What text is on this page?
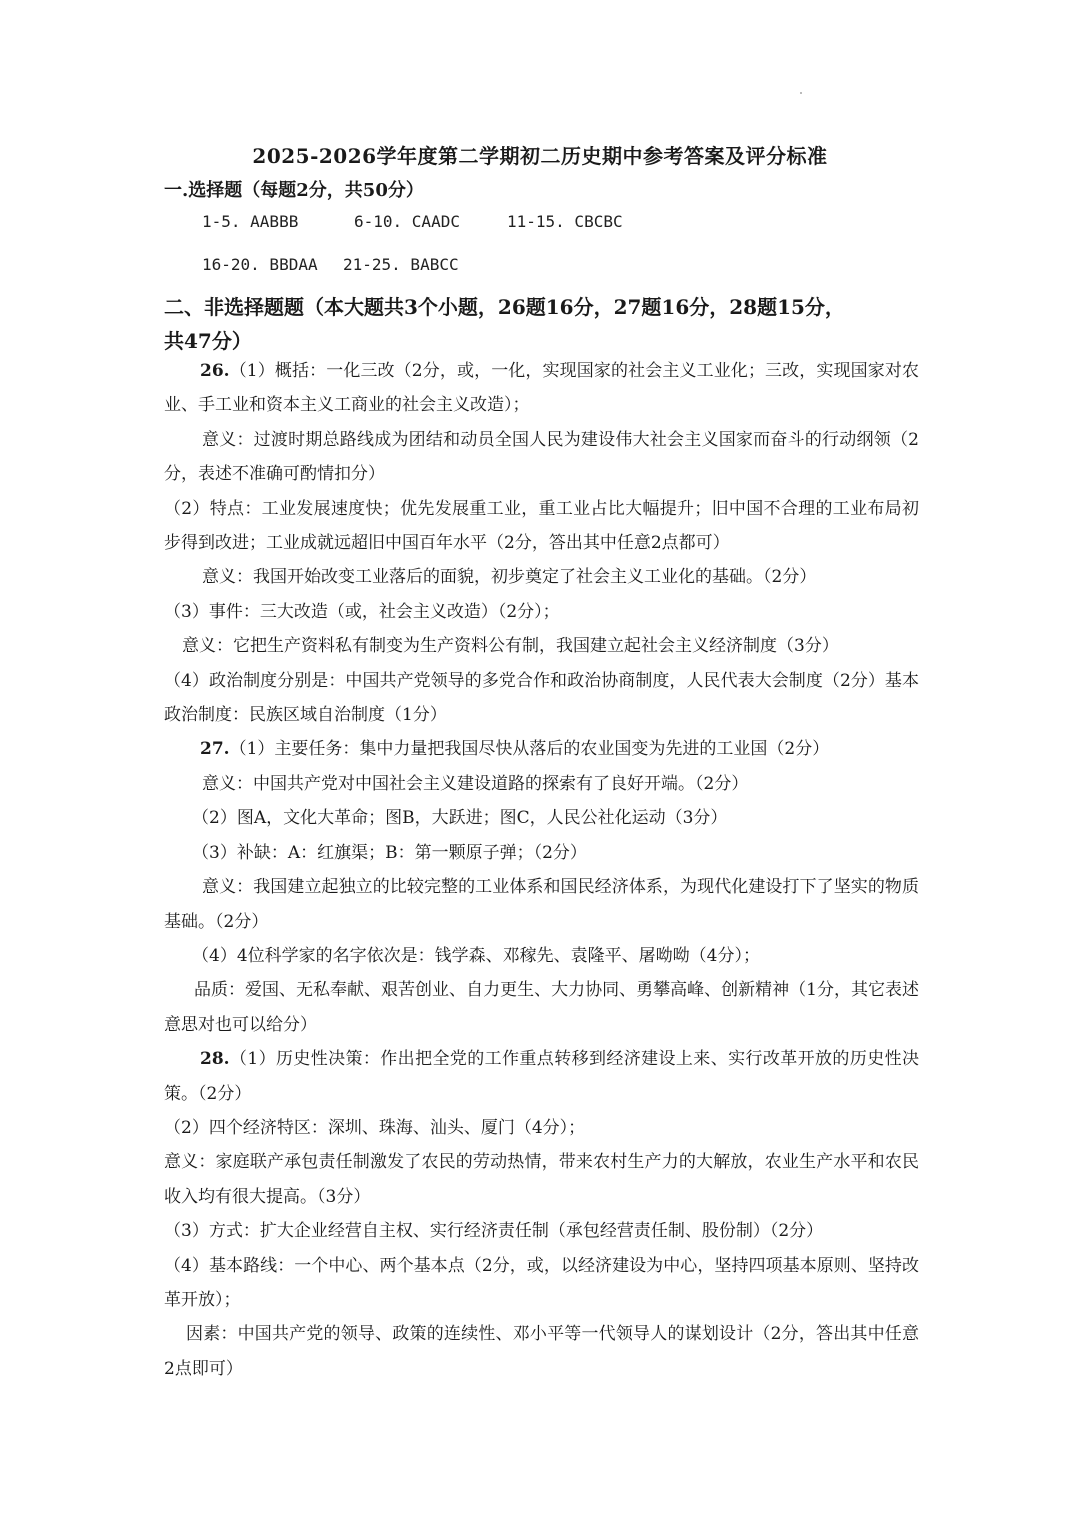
2025-2026学年度第二学期初二历史期中参考答案及评分标准
一.选择题（每题2分，共50分）
1-5. AABBB	6-10. CAADC	11-15. CBCBC
16-20. BBDAA 21-25. BABCC
二、非选择题题（本大题共3个小题，26题16分，27题16分，28题15分，
共47分）

26.（1）概括：一化三改（2分，或，一化，实现国家的社会主义工业化；三改，实现国家对农业、手工业和资本主义工商业的社会主义改造）；

意义：过渡时期总路线成为团结和动员全国人民为建设伟大社会主义国家而奋斗的行动纲领（2分，表述不准确可酌情扣分）

（2）特点：工业发展速度快；优先发展重工业，重工业占比大幅提升；旧中国不合理的工业布局初步得到改进；工业成就远超旧中国百年水平（2分，答出其中任意2点都可）

意义：我国开始改变工业落后的面貌，初步奠定了社会主义工业化的基础。（2分）

（3）事件：三大改造（或，社会主义改造）（2分）；

意义：它把生产资料私有制变为生产资料公有制，我国建立起社会主义经济制度（3分）

（4）政治制度分别是：中国共产党领导的多党合作和政治协商制度，人民代表大会制度（2分）基本政治制度：民族区域自治制度（1分）

27.（1）主要任务：集中力量把我国尽快从落后的农业国变为先进的工业国（2分）

意义：中国共产党对中国社会主义建设道路的探索有了良好开端。（2分）

（2）图A，文化大革命；图B，大跃进；图C，人民公社化运动（3分）

（3）补缺：A：红旗渠；B：第一颗原子弹；（2分）

意义：我国建立起独立的比较完整的工业体系和国民经济体系，为现代化建设打下了坚实的物质基础。（2分）

（4）4位科学家的名字依次是：钱学森、邓稼先、袁隆平、屠呦呦（4分）；

品质：爱国、无私奉献、艰苦创业、自力更生、大力协同、勇攀高峰、创新精神（1分，其它表述意思对也可以给分）

28.（1）历史性决策：作出把全党的工作重点转移到经济建设上来、实行改革开放的历史性决策。（2分）

（2）四个经济特区：深圳、珠海、汕头、厦门（4分）；

意义：家庭联产承包责任制激发了农民的劳动热情，带来农村生产力的大解放，农业生产水平和农民收入均有很大提高。（3分）

（3）方式：扩大企业经营自主权、实行经济责任制（承包经营责任制、股份制）（2分）

（4）基本路线：一个中心、两个基本点（2分，或，以经济建设为中心，坚持四项基本原则、坚持改革开放）；

因素：中国共产党的领导、政策的连续性、邓小平等一代领导人的谋划设计（2分，答出其中任意2点即可）
